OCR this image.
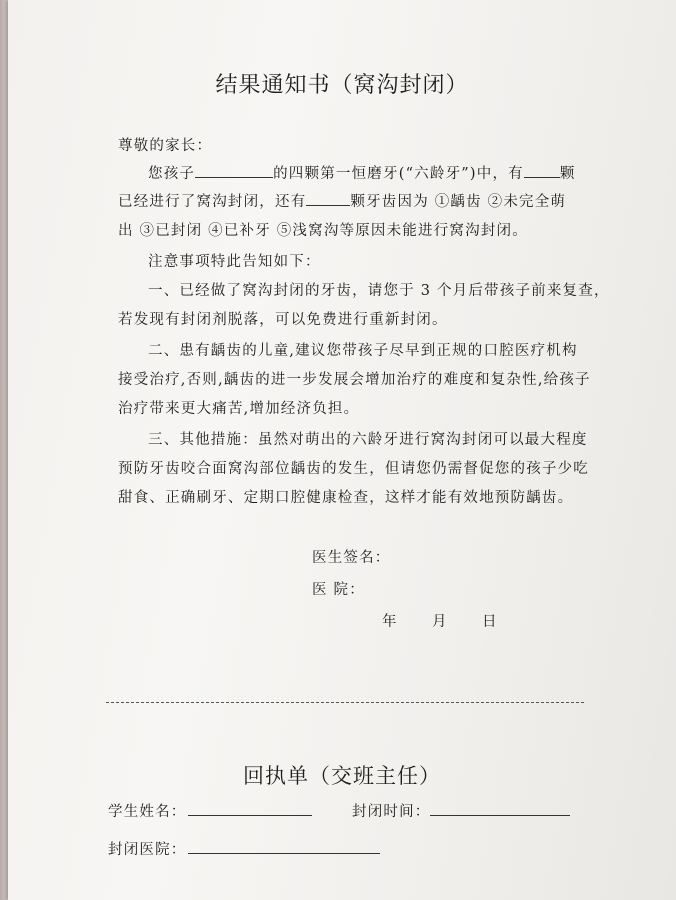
结果通知书（窝沟封闭）
尊敬的家长：
您孩子	的四颗第一恒磨牙(“六龄牙”)中，有 颗
已经进行了窝沟封闭，还有	颗牙齿因为 ①龋齿 ②未完全萌
出 ③已封闭 ④已补牙 ⑤浅窝沟等原因未能进行窝沟封闭。
注意事项特此告知如下：
一、已经做了窝沟封闭的牙齿，请您于 3 个月后带孩子前来复查，
若发现有封闭剂脱落，可以免费进行重新封闭。
二、患有龋齿的儿童,建议您带孩子尽早到正规的口腔医疗机构
接受治疗,否则,龋齿的进一步发展会增加治疗的难度和复杂性,给孩子
治疗带来更大痛苦,增加经济负担。
三、其他措施：虽然对萌出的六龄牙进行窝沟封闭可以最大程度
预防牙齿咬合面窝沟部位龋齿的发生，但请您仍需督促您的孩子少吃
甜食、正确刷牙、定期口腔健康检查，这样才能有效地预防龋齿。
医生签名：
医 院：
年 月 日
回执单（交班主任）
学生姓名：	封闭时间：
封闭医院：
